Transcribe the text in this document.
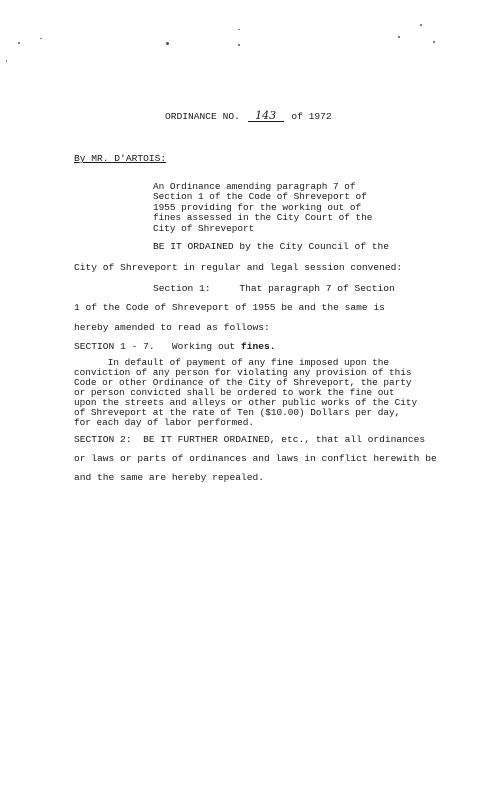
ORDINANCE NO. 143 of 1972
By MR. D'ARTOIS:
An Ordinance amending paragraph 7 of
Section 1 of the Code of Shreveport of
1955 providing for the working out of
fines assessed in the City Court of the
City of Shreveport
BE IT ORDAINED by the City Council of the
City of Shreveport in regular and legal session convened:
Section 1:     That paragraph 7 of Section
1 of the Code of Shreveport of 1955 be and the same is
hereby amended to read as follows:
SECTION 1 - 7. Working out fines.
In default of payment of any fine imposed upon the
conviction of any person for violating any provision of this
Code or other Ordinance of the City of Shreveport, the party
or person convicted shall be ordered to work the fine out
upon the streets and alleys or other public works of the City
of Shreveport at the rate of Ten ($10.00) Dollars per day,
for each day of labor performed.
SECTION 2:  BE IT FURTHER ORDAINED, etc., that all ordinances
or laws or parts of ordinances and laws in conflict herewith be
and the same are hereby repealed.
